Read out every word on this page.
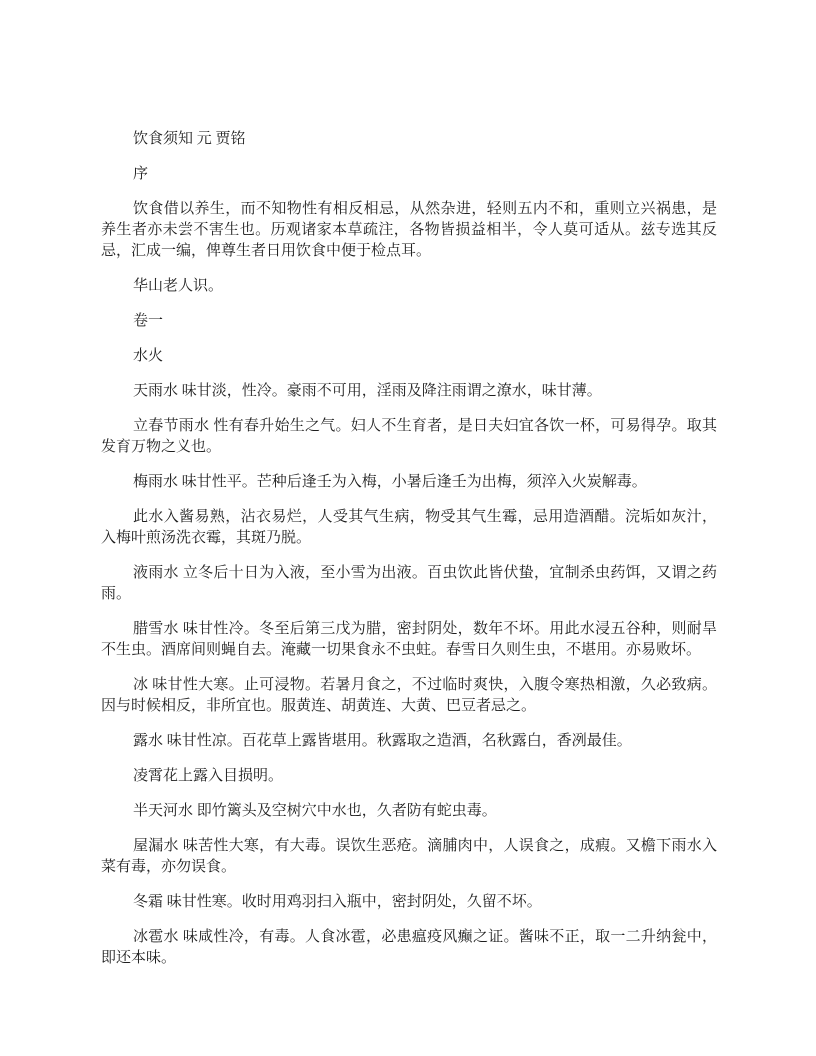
饮食须知 元 贾铭

序

饮食借以养生，而不知物性有相反相忌，从然杂进，轻则五内不和，重则立兴祸患，是养生者亦未尝不害生也。历观诸家本草疏注，各物皆损益相半，令人莫可适从。兹专选其反忌，汇成一编，俾尊生者日用饮食中便于检点耳。

华山老人识。

卷一

水火

天雨水 味甘淡，性冷。豪雨不可用，淫雨及降注雨谓之潦水，味甘薄。

立春节雨水 性有春升始生之气。妇人不生育者，是日夫妇宜各饮一杯，可易得孕。取其发育万物之义也。

梅雨水 味甘性平。芒种后逢壬为入梅，小暑后逢壬为出梅，须淬入火炭解毒。

此水入酱易熟，沾衣易烂，人受其气生病，物受其气生霉，忌用造酒醋。浣垢如灰汁，入梅叶煎汤洗衣霉，其斑乃脱。

液雨水 立冬后十日为入液，至小雪为出液。百虫饮此皆伏蛰，宜制杀虫药饵，又谓之药雨。

腊雪水 味甘性冷。冬至后第三戊为腊，密封阴处，数年不坏。用此水浸五谷种，则耐旱不生虫。酒席间则蝇自去。淹藏一切果食永不虫蛀。春雪日久则生虫，不堪用。亦易败坏。

冰 味甘性大寒。止可浸物。若暑月食之，不过临时爽快，入腹令寒热相激，久必致病。因与时候相反，非所宜也。服黄连、胡黄连、大黄、巴豆者忌之。

露水 味甘性凉。百花草上露皆堪用。秋露取之造酒，名秋露白，香冽最佳。

凌霄花上露入目损明。

半天河水 即竹篱头及空树穴中水也，久者防有蛇虫毒。

屋漏水 味苦性大寒，有大毒。误饮生恶疮。滴脯肉中，人误食之，成瘕。又檐下雨水入菜有毒，亦勿误食。

冬霜 味甘性寒。收时用鸡羽扫入瓶中，密封阴处，久留不坏。

冰雹水 味咸性冷，有毒。人食冰雹，必患瘟疫风癫之证。酱味不正，取一二升纳瓮中，即还本味。
